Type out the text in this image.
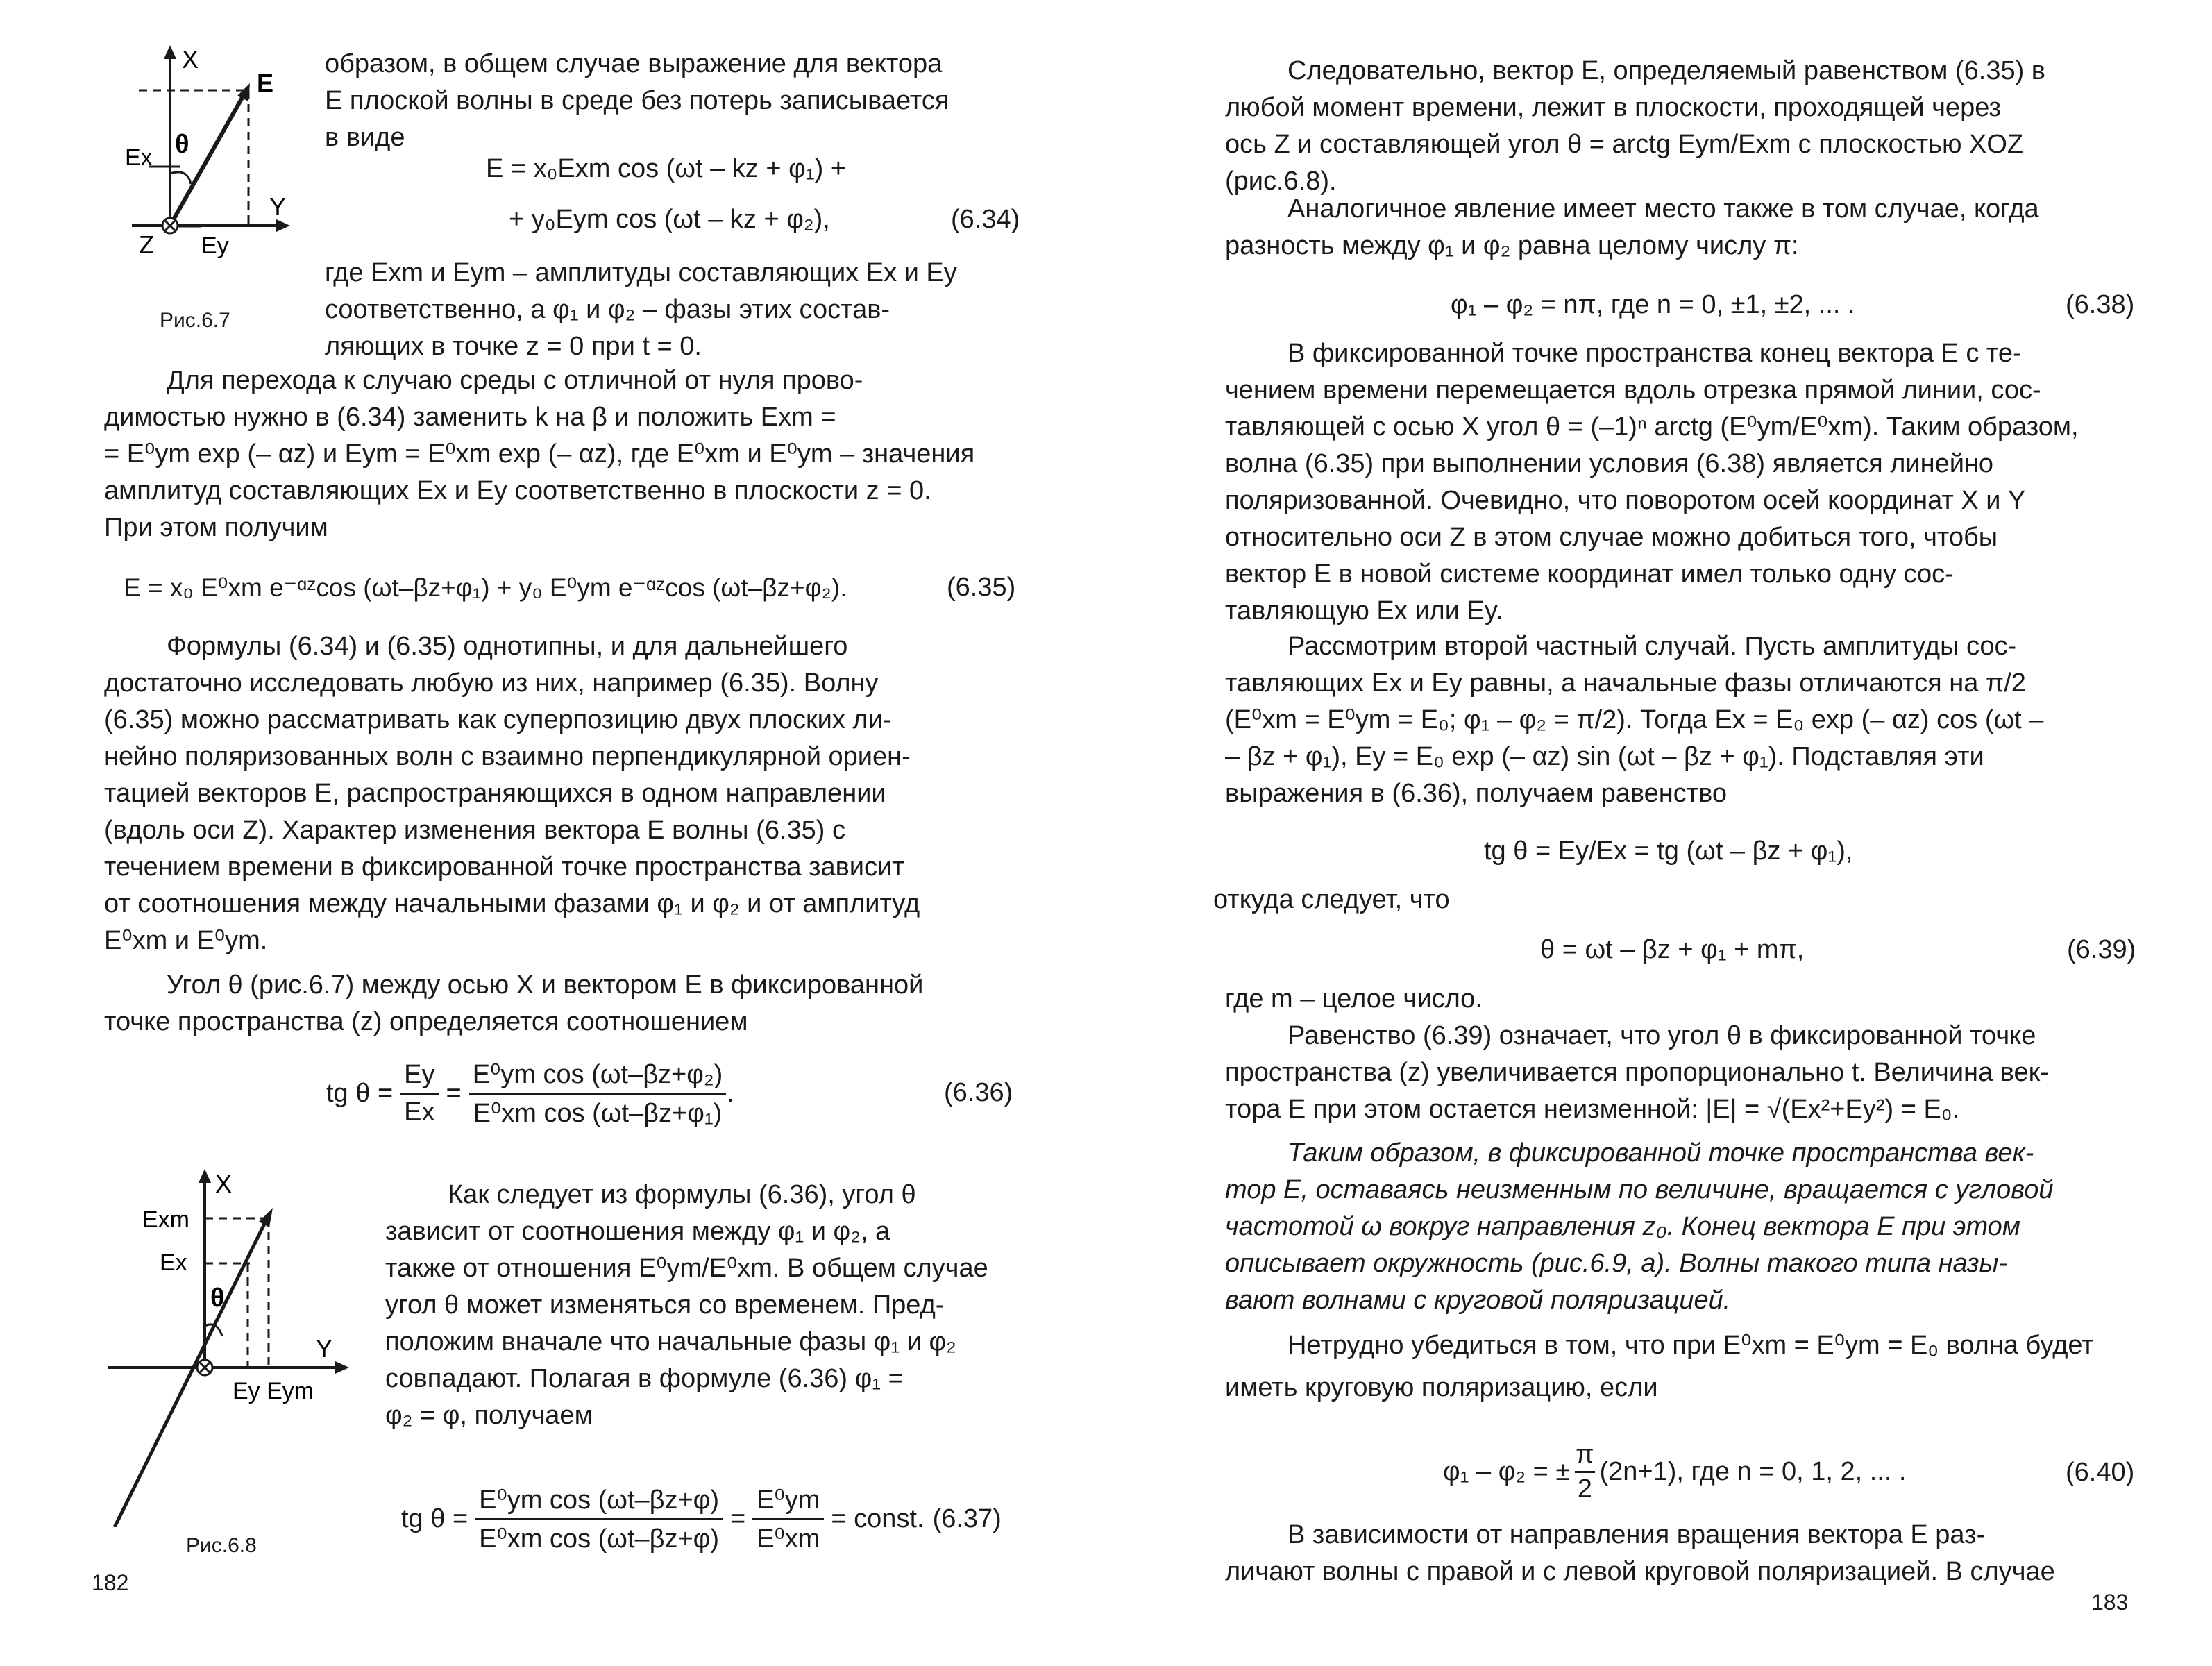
X
E
Ex θ
Y
Z Ey
Рис.6.7

образом, в общем случае выражение для вектора

E плоской волны в среде без потерь записывается

в виде

E = x₀Exm cos (ωt – kz + φ₁) +
+ y₀Eym cos (ωt – kz + φ₂),	(6.34)

где Exm и Eym – амплитуды составляющих Ex и Ey

соответственно, а φ₁ и φ₂ – фазы этих состав-

ляющих в точке z = 0 при t = 0.

Для перехода к случаю среды с отличной от нуля прово-

димостью нужно в (6.34) заменить k на β и положить Exm =

= E⁰ym exp (– αz) и Eym = E⁰xm exp (– αz), где E⁰xm и E⁰ym – значения

амплитуд составляющих Ex и Ey соответственно в плоскости z = 0.

При этом получим

E = x₀ E⁰xm e⁻ᵅᶻcos (ωt–βz+φ₁) + y₀ E⁰ym e⁻ᵅᶻcos (ωt–βz+φ₂).	(6.35)

Формулы (6.34) и (6.35) однотипны, и для дальнейшего

достаточно исследовать любую из них, например (6.35). Волну

(6.35) можно рассматривать как суперпозицию двух плоских ли-

нейно поляризованных волн с взаимно перпендикулярной ориен-

тацией векторов E, распространяющихся в одном направлении

(вдоль оси Z). Характер изменения вектора E волны (6.35) с

течением времени в фиксированной точке пространства зависит

от соотношения между начальными фазами φ₁ и φ₂ и от амплитуд

E⁰xm и E⁰ym.

Угол θ (рис.6.7) между осью X и вектором E в фиксированной

точке пространства (z) определяется соотношением

tg $\theta = \frac{Ey}{Ex} = \frac{\text{E⁰ym cos (ωt–βz+φ₂)}}{\text{E⁰xm cos (ωt–βz+φ₁)}}$ .	(6.36)
X
Exm
Ex
θ
Y
Ey Eym
Рис.6.8

Как следует из формулы (6.36), угол θ

зависит от соотношения между φ₁ и φ₂, а

также от отношения E⁰ym/E⁰xm. В общем случае

угол θ может изменяться со временем. Пред-

положим вначале что начальные фазы φ₁ и φ₂

совпадают. Полагая в формуле (6.36) φ₁ =

φ₂ = φ, получаем

tg $\theta = \frac{\text{E⁰ym cos (ωt–βz+φ)}}{\text{E⁰xm cos (ωt–βz+φ)}} = \frac{\text{E⁰ym}}{\text{E⁰xm}}$ = const. (6.37)
182

Следовательно, вектор E, определяемый равенством (6.35) в

любой момент времени, лежит в плоскости, проходящей через

ось Z и составляющей угол θ = arctg Eym/Exm с плоскостью XOZ

(рис.6.8).

Аналогичное явление имеет место также в том случае, когда

разность между φ₁ и φ₂ равна целому числу π:

φ₁ – φ₂ = nπ, где n = 0, ±1, ±2, ... .	(6.38)

В фиксированной точке пространства конец вектора E с те-

чением времени перемещается вдоль отрезка прямой линии, сос-

тавляющей с осью X угол θ = (–1)ⁿ arctg (E⁰ym/E⁰xm). Таким образом,

волна (6.35) при выполнении условия (6.38) является линейно

поляризованной. Очевидно, что поворотом осей координат X и Y

относительно оси Z в этом случае можно добиться того, чтобы

вектор E в новой системе координат имел только одну сос-

тавляющую Ex или Ey.

Рассмотрим второй частный случай. Пусть амплитуды сос-

тавляющих Ex и Ey равны, а начальные фазы отличаются на π/2

(E⁰xm = E⁰ym = E₀; φ₁ – φ₂ = π/2). Тогда Ex = E₀ exp (– αz) cos (ωt –

– βz + φ₁), Ey = E₀ exp (– αz) sin (ωt – βz + φ₁). Подставляя эти

выражения в (6.36), получаем равенство

tg θ = Ey/Ex = tg (ωt – βz + φ₁),
откуда следует, что
θ = ωt – βz + φ₁ + mπ,	(6.39)
где m – целое число.

Равенство (6.39) означает, что угол θ в фиксированной точке

пространства (z) увеличивается пропорционально t. Величина век-

тора E при этом остается неизменной: |E| = √(Ex²+Ey²) = E₀.

Таким образом, в фиксированной точке пространства век-

тор E, оставаясь неизменным по величине, вращается с угловой

частотой ω вокруг направления z₀. Конец вектора E при этом

описывает окружность (рис.6.9, а). Волны такого типа назы-

вают волнами с круговой поляризацией.

Нетрудно убедиться в том, что при E⁰xm = E⁰ym = E₀ волна будет

иметь круговую поляризацию, если

φ₁ – φ₂ = ± $\frac{\pi}{2} (2n+1)$, где n = 0, 1, 2, ... .	(6.40)

В зависимости от направления вращения вектора E раз-

личают волны с правой и с левой круговой поляризацией. В случае

183
